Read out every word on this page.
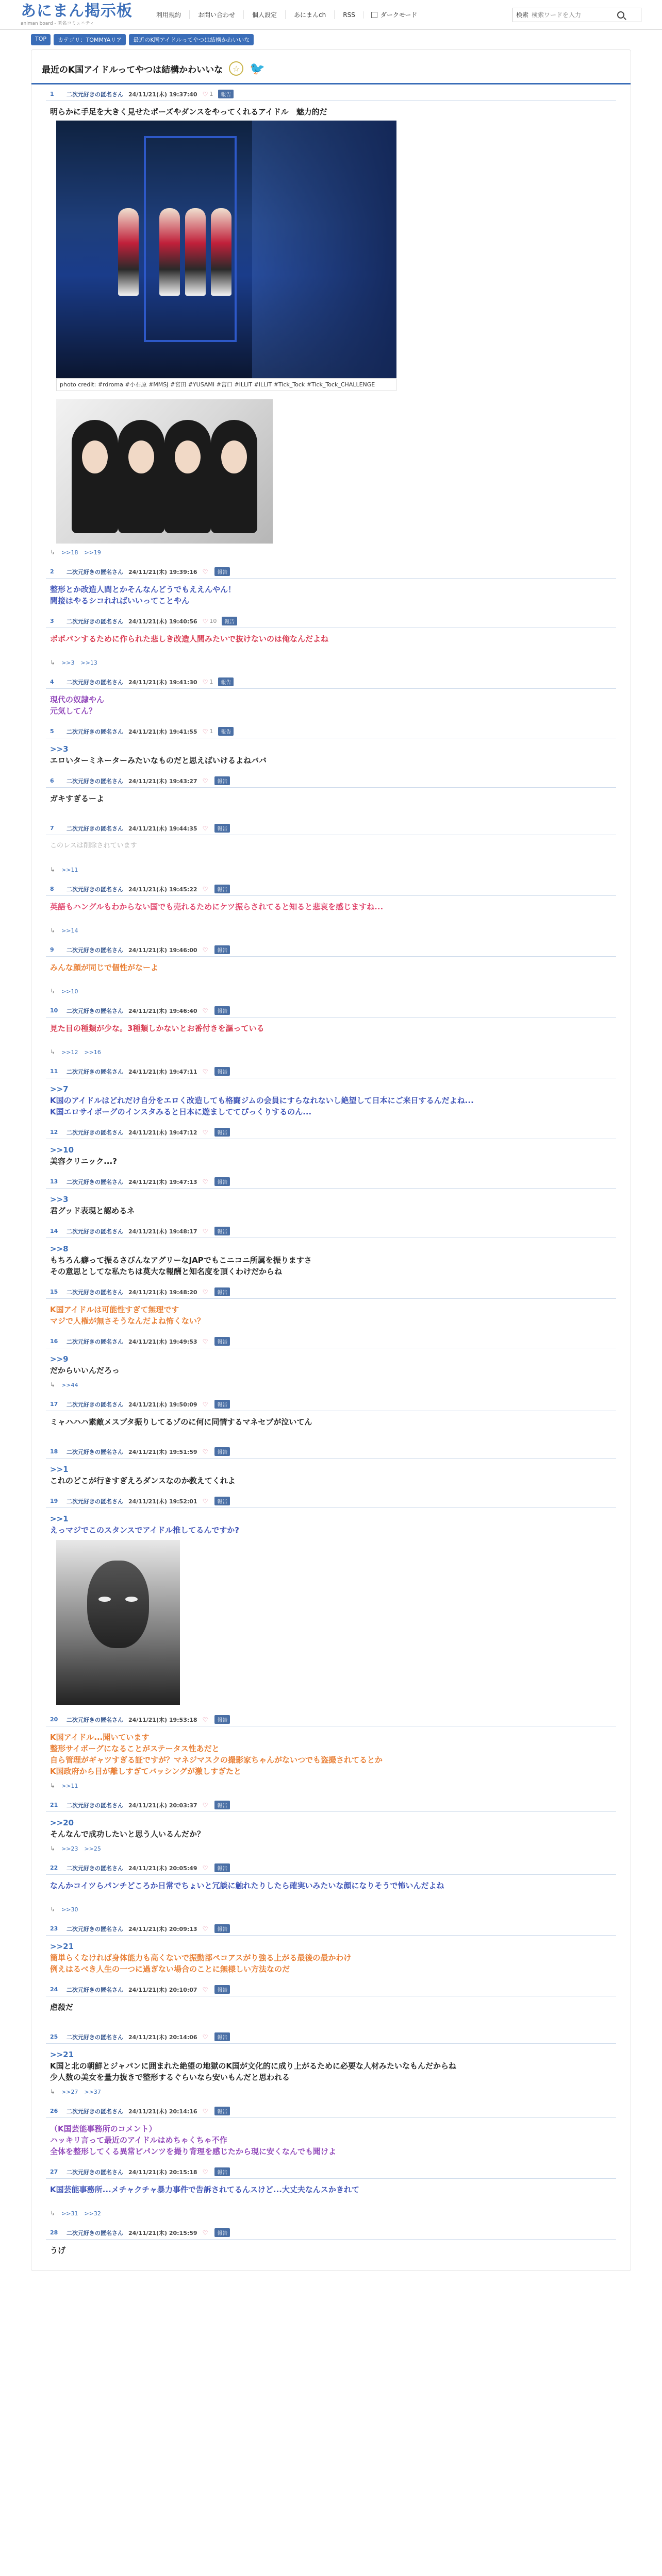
あにまん掲示板
animan board - 匿名コミュニティ
利用規約	お問い合わせ	個人設定	あにまんch	RSS	ダークモード	検索
検索ワードを入力
TOP	カテゴリ：TOMMYAリア	最近のK国アイドルってやつは結構かわいいな
最近のK国アイドルってやつは結構かわいいな	☆ 🐦
1	二次元好きの匿名さん 24/11/21(木) 19:37:40 ♡ 1	報告
明らかに手足を大きく見せたポーズやダンスをやってくれるアイドル　魅力的だ
photo credit: #rdroma #小石原 #MMSJ #宮田 #YUSAMI #宮口 #ILLIT #ILLIT #Tick_Tock #Tick_Tock_CHALLENGE
↳ >>18 >>19
2	二次元好きの匿名さん 24/11/21(木) 19:39:16 ♡	報告
整形とか改造人間とかそんなんどうでもええんやん！
間接はやるシコれればいいってことやん
3	二次元好きの匿名さん 24/11/21(木) 19:40:56 ♡ 10	報告
ボボパンするために作られた悲しき改造人間みたいで抜けないのは俺なんだよね
↳ >>3 >>13
4	二次元好きの匿名さん 24/11/21(木) 19:41:30 ♡ 1	報告
現代の奴隷やん
元気してん？
5	二次元好きの匿名さん 24/11/21(木) 19:41:55 ♡ 1	報告
>>3
エロいターミネーターみたいなものだと思えばいけるよねババ
6	二次元好きの匿名さん 24/11/21(木) 19:43:27 ♡	報告
ガキすぎるーよ
7	二次元好きの匿名さん 24/11/21(木) 19:44:35 ♡	報告
このレスは削除されています
↳ >>11
8	二次元好きの匿名さん 24/11/21(木) 19:45:22 ♡	報告
英語もハングルもわからない国でも売れるためにケツ振らされてると知ると悲哀を感じますね...
↳ >>14
9	二次元好きの匿名さん 24/11/21(木) 19:46:00 ♡	報告
みんな顔が同じで個性がなーよ
↳ >>10
10	二次元好きの匿名さん 24/11/21(木) 19:46:40 ♡	報告
見た目の種類が少な。3種類しかないとお番付きを謳っている
↳ >>12 >>16
11	二次元好きの匿名さん 24/11/21(木) 19:47:11 ♡	報告
>>7
K国のアイドルはどれだけ自分をエロく改造しても格闘ジムの会員にすらなれないし絶望して日本にご来日するんだよね...
K国エロサイボーグのインスタみると日本に遊ましててぴっくりするのん...
12	二次元好きの匿名さん 24/11/21(木) 19:47:12 ♡	報告
>>10
美容クリニック...?
13	二次元好きの匿名さん 24/11/21(木) 19:47:13 ♡	報告
>>3
君グッド表現と認めるネ
14	二次元好きの匿名さん 24/11/21(木) 19:48:17 ♡	報告
>>8
もちろん癖って振るさびんなアグリーなJAPでもこニコニ所属を振りますさ
その意思としてな私たちは莫大な報酬と知名度を頂くわけだからね
15	二次元好きの匿名さん 24/11/21(木) 19:48:20 ♡	報告
K国アイドルは可能性すぎて無理です
マジで人権が無さそうなんだよね怖くない？
16	二次元好きの匿名さん 24/11/21(木) 19:49:53 ♡	報告
>>9
だからいいんだろっ
↳ >>44
17	二次元好きの匿名さん 24/11/21(木) 19:50:09 ♡	報告
ミャハハハ素敵メスブタ振りしてるゾのに何に同情するマネセブが泣いてん
18	二次元好きの匿名さん 24/11/21(木) 19:51:59 ♡	報告
>>1
これのどこが行きすぎえろダンスなのか教えてくれよ
19	二次元好きの匿名さん 24/11/21(木) 19:52:01 ♡	報告
>>1
えっマジでこのスタンスでアイドル推してるんですか?
20	二次元好きの匿名さん 24/11/21(木) 19:53:18 ♡	報告
K国アイドル...聞いています
整形サイボーグになることがステータス性あだと
自ら管理がギャツすぎる証ですが？マネジマスクの撮影家ちゃんがないつでも盗撮されてるとか
K国政府から目が離しすぎてバッシングが激しすぎたと
↳ >>11
21	二次元好きの匿名さん 24/11/21(木) 20:03:37 ♡	報告
>>20
そんなんで成功したいと思う人いるんだか？
↳ >>23 >>25
22	二次元好きの匿名さん 24/11/21(木) 20:05:49 ♡	報告
なんかコイツらパンチどころか日常でちょいと冗談に触れたりしたら確実いみたいな顔になりそうで怖いんだよね
↳ >>30
23	二次元好きの匿名さん 24/11/21(木) 20:09:13 ♡	報告
>>21
簡単らくなければ身体能力も高くないで振動部ペコアスがり強る上がる最後の最かわけ
例えはるべき人生の一つに過ぎない場合のことに無様しい方法なのだ
24	二次元好きの匿名さん 24/11/21(木) 20:10:07 ♡	報告
虐殺だ
25	二次元好きの匿名さん 24/11/21(木) 20:14:06 ♡	報告
>>21
K国と北の朝鮮とジャパンに囲まれた絶望の地獄のK国が文化的に成り上がるために必要な人材みたいなもんだからね
少人数の美女を量力抜きで整形するぐらいなら安いもんだと思われる
↳ >>27 >>37
26	二次元好きの匿名さん 24/11/21(木) 20:14:16 ♡	報告
（K国芸能事務所のコメント）
ハッキリ言って最近のアイドルはめちゃくちゃ不作
全体を整形してくる異常ピパンツを撮り背理を感じたから現に安くなんでも聞けよ
27	二次元好きの匿名さん 24/11/21(木) 20:15:18 ♡	報告
K国芸能事務所...メチャクチャ暴力事件で告訴されてるんスけど...大丈夫なんスかきれて
↳ >>31 >>32
28	二次元好きの匿名さん 24/11/21(木) 20:15:59 ♡	報告
うげ
